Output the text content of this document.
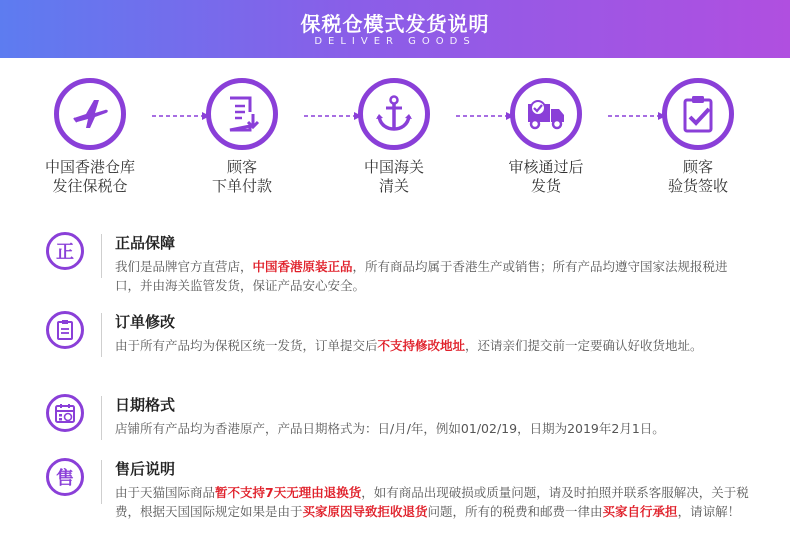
保税仓模式发货说明
DELIVER GOODS
中国香港仓库
发往保税仓
顾客
下单付款
中国海关
清关
审核通过后
发货
顾客
验货签收
正	正品保障
我们是品牌官方直营店，中国香港原装正品，所有商品均属于香港生产或销售；所有产品均遵守国家法规报税进口，并由海关监管发货，保证产品安心安全。
订单修改
由于所有产品均为保税区统一发货，订单提交后不支持修改地址，还请亲们提交前一定要确认好收货地址。
日期格式
店铺所有产品均为香港原产，产品日期格式为：日/月/年，例如01/02/19，日期为2019年2月1日。
售	售后说明
由于天猫国际商品暂不支持7天无理由退换货，如有商品出现破损或质量问题，请及时拍照并联系客服解决，关于税费，根据天国国际规定如果是由于买家原因导致拒收退货问题，所有的税费和邮费一律由买家自行承担，请谅解！
